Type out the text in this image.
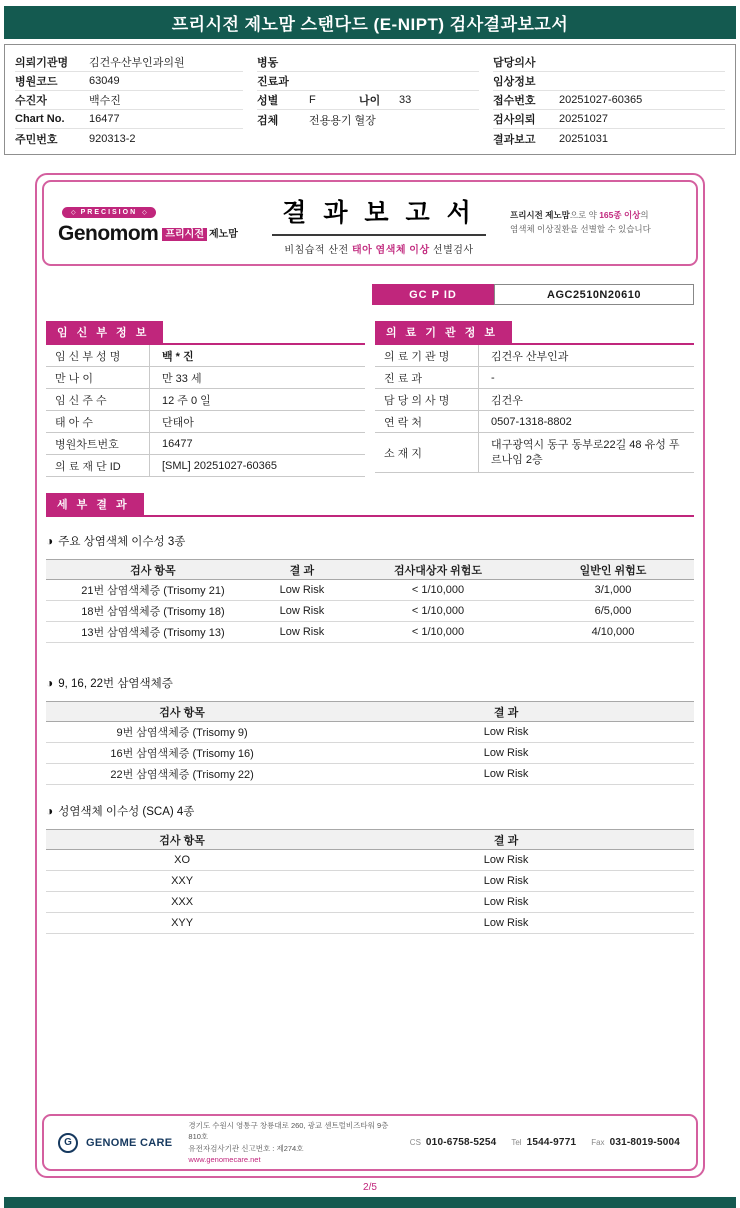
프리시전 제노맘 스탠다드 (E-NIPT) 검사결과보고서
의뢰기관명	김건우산부인과의원
병원코드	63049
수진자	백수진
Chart No.	16477
주민번호	920313-2
병동
진료과
성별	F	나이	33
검체	전용용기 혈장
담당의사
임상정보
접수번호	20251027-60365
검사의뢰	20251027
결과보고	20251031
◇ PRECISION ◇
Genomom 프리시전 제노맘
결 과 보 고 서
비침습적 산전 태아 염색체 이상 선별검사
프리시전 제노맘으로 약 165종 이상의
염색체 이상질환을 선별할 수 있습니다
GC P ID	AGC2510N20610
임 신 부 정 보
임 신 부 성 명	백 * 진
만 나 이	만 33 세
임 신 주 수	12 주 0 일
태 아 수	단태아
병원차트번호	16477
의 료 재 단 ID	[SML] 20251027-60365
의 료 기 관 정 보
의 료 기 관 명	김건우 산부인과
진 료 과	-
담 당 의 사 명	김건우
연 락 처	0507-1318-8802
소 재 지
대구광역시 동구 동부로22길 48 유성 푸르나임 2층
세 부 결 과
◑ 주요 상염색체 이수성 3종
검사 항목	결 과	검사대상자 위험도	일반인 위험도
21번 삼염색체증 (Trisomy 21)	Low Risk	< 1/10,000	3/1,000
18번 삼염색체증 (Trisomy 18)	Low Risk	< 1/10,000	6/5,000
13번 삼염색체증 (Trisomy 13)	Low Risk	< 1/10,000	4/10,000
◑ 9, 16, 22번 삼염색체증
검사 항목	결 과
9번 삼염색체증 (Trisomy 9)	Low Risk
16번 삼염색체증 (Trisomy 16)	Low Risk
22번 삼염색체증 (Trisomy 22)	Low Risk
◑ 성염색체 이수성 (SCA) 4종
검사 항목	결 과
XO	Low Risk
XXY	Low Risk
XXX	Low Risk
XYY	Low Risk
G GENOME CARE
경기도 수원시 영통구 창룡대로 260, 광교 센트럴비즈타워 9층 810호
유전자검사기관 신고번호 : 제274호
www.genomecare.net
CS 010-6758-5254 Tel 1544-9771 Fax 031-8019-5004
2/5
